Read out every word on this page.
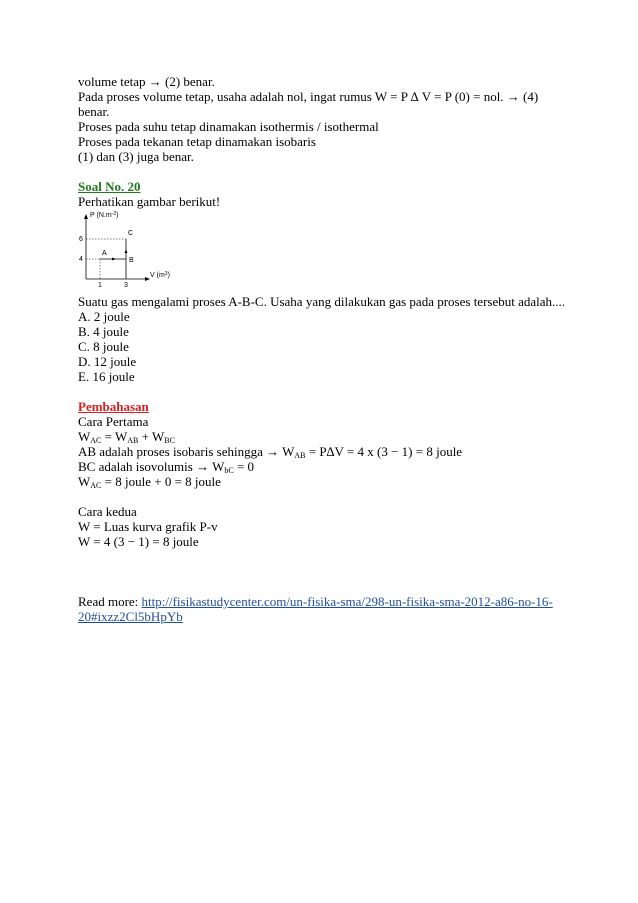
volume tetap → (2) benar.

Pada proses volume tetap, usaha adalah nol, ingat rumus W = P ∆ V = P (0) = nol. → (4)

benar.

Proses pada suhu tetap dinamakan isothermis / isothermal

Proses pada tekanan tetap dinamakan isobaris

(1) dan (3) juga benar.

Soal No. 20

Perhatikan gambar berikut!

6
4
1	3
A
B
C
P $(N.m^{-2})$
V $(m^3)$

Suatu gas mengalami proses A-B-C. Usaha yang dilakukan gas pada proses tersebut adalah....

A. 2 joule

B. 4 joule

C. 8 joule

D. 12 joule

E. 16 joule

Pembahasan

Cara Pertama

$W_{AC} = W_{AB} + W_{BC}$

AB adalah proses isobaris sehingga → $W_{AB} = P\Delta V = 4$ x (3 − 1) = 8 joule

BC adalah isovolumis → $W_{bC} = 0$

$W_{AC} = 8$ joule + 0 = 8 joule

Cara kedua

W = Luas kurva grafik P-v

W = 4 (3 − 1) = 8 joule

Read more: http://fisikastudycenter.com/un-fisika-sma/298-un-fisika-sma-2012-a86-no-16-

20#ixzz2Cl5bHpYb
